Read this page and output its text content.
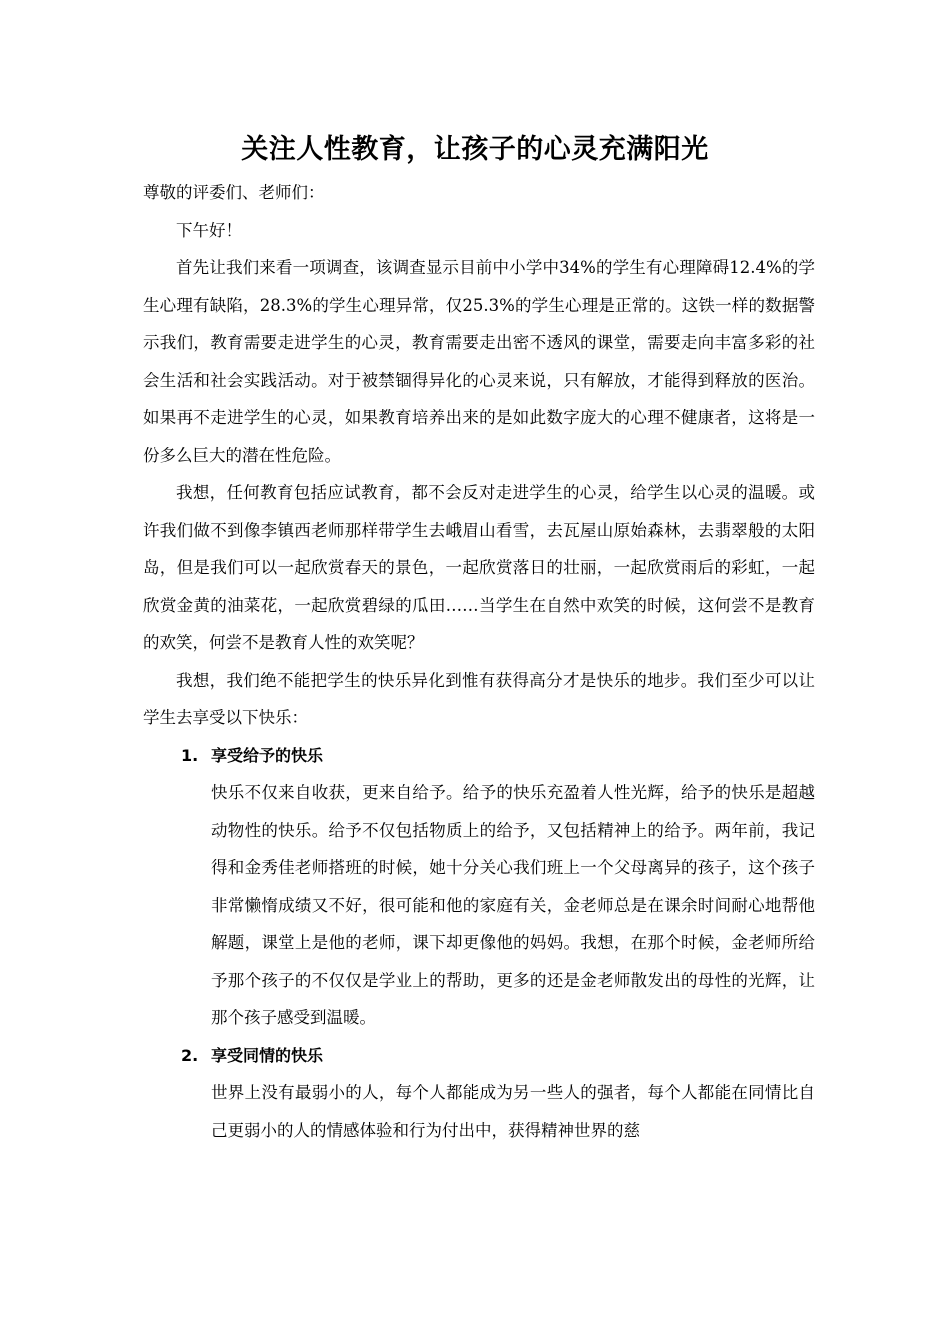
关注人性教育，让孩子的心灵充满阳光

尊敬的评委们、老师们：

下午好！

首先让我们来看一项调查，该调查显示目前中小学中34%的学生有心理障碍12.4%的学生心理有缺陷，28.3%的学生心理异常，仅25.3%的学生心理是正常的。这铁一样的数据警示我们，教育需要走进学生的心灵，教育需要走出密不透风的课堂，需要走向丰富多彩的社会生活和社会实践活动。对于被禁锢得异化的心灵来说，只有解放，才能得到释放的医治。如果再不走进学生的心灵，如果教育培养出来的是如此数字庞大的心理不健康者，这将是一份多么巨大的潜在性危险。

我想，任何教育包括应试教育，都不会反对走进学生的心灵，给学生以心灵的温暖。或许我们做不到像李镇西老师那样带学生去峨眉山看雪，去瓦屋山原始森林，去翡翠般的太阳岛，但是我们可以一起欣赏春天的景色，一起欣赏落日的壮丽，一起欣赏雨后的彩虹，一起欣赏金黄的油菜花，一起欣赏碧绿的瓜田……当学生在自然中欢笑的时候，这何尝不是教育的欢笑，何尝不是教育人性的欢笑呢？

我想，我们绝不能把学生的快乐异化到惟有获得高分才是快乐的地步。我们至少可以让学生去享受以下快乐：

1. 享受给予的快乐

快乐不仅来自收获，更来自给予。给予的快乐充盈着人性光辉，给予的快乐是超越动物性的快乐。给予不仅包括物质上的给予，又包括精神上的给予。两年前，我记得和金秀佳老师搭班的时候，她十分关心我们班上一个父母离异的孩子，这个孩子非常懒惰成绩又不好，很可能和他的家庭有关，金老师总是在课余时间耐心地帮他解题，课堂上是他的老师，课下却更像他的妈妈。我想，在那个时候，金老师所给予那个孩子的不仅仅是学业上的帮助，更多的还是金老师散发出的母性的光辉，让那个孩子感受到温暖。

2. 享受同情的快乐

世界上没有最弱小的人，每个人都能成为另一些人的强者，每个人都能在同情比自己更弱小的人的情感体验和行为付出中，获得精神世界的慈
